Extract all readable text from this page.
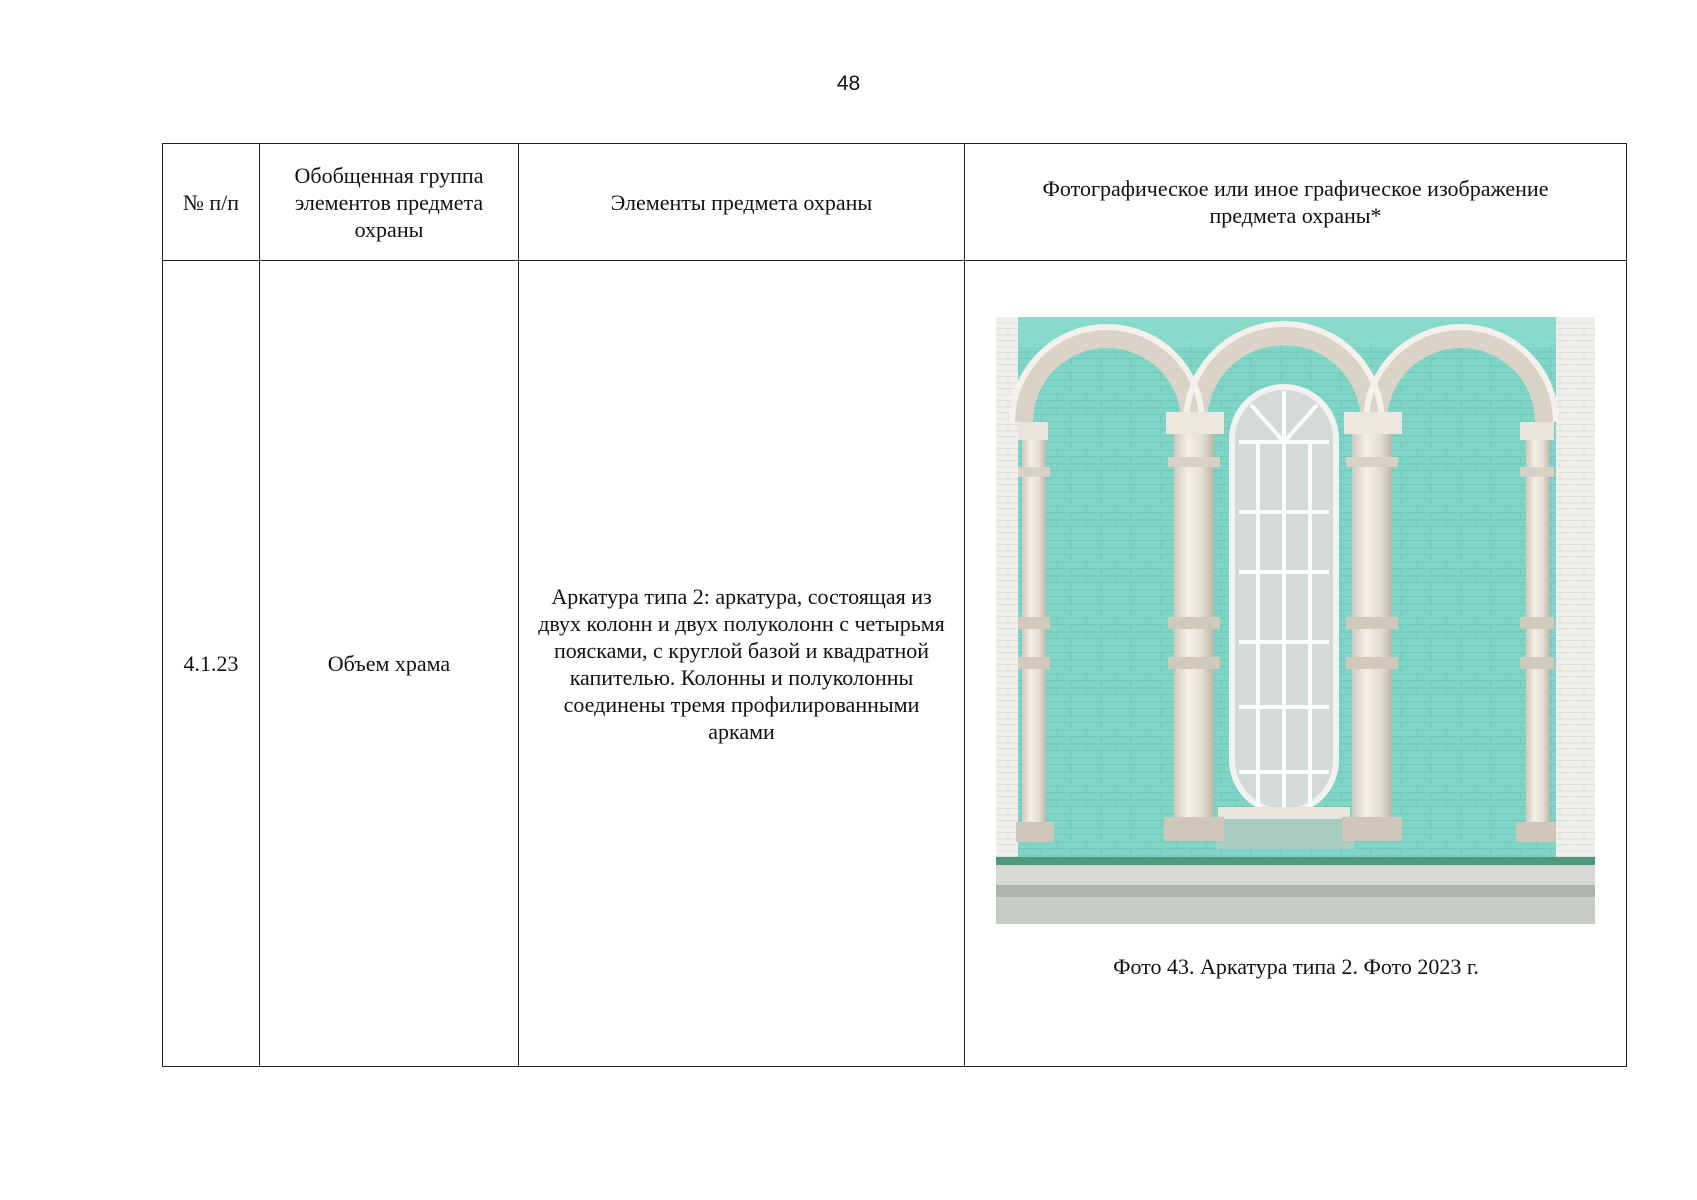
48
№ п/п	Обобщенная группа элементов предмета охраны	Элементы предмета охраны	Фотографическое или иное графическое изображение предмета охраны*
4.1.23	Объем храма	Аркатура типа 2: аркатура, состоящая из двух колонн и двух полуколонн с четырьмя поясками, с круглой базой и квадратной капителью. Колонны и полуколонны соединены тремя профилированными арками	Фото 43. Аркатура типа 2. Фото 2023 г.
